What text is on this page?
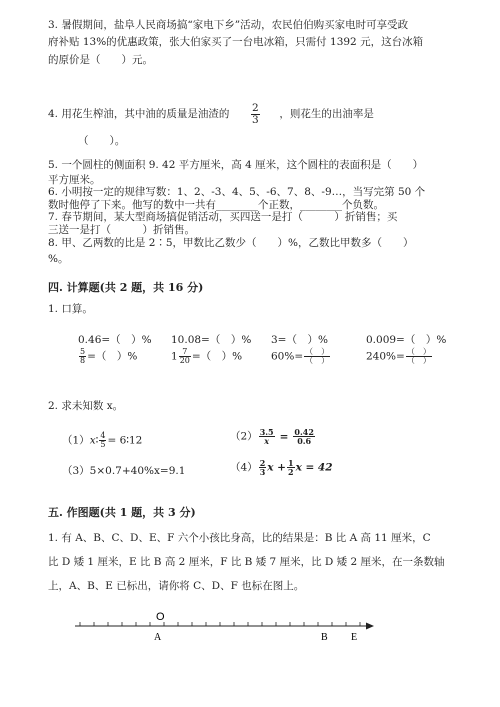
3. 暑假期间，盐阜人民商场搞“家电下乡”活动，农民伯伯购买家电时可享受政
府补贴 13%的优惠政策，张大伯家买了一台电冰箱，只需付 1392 元，这台冰箱
的原价是（　　）元。
4. 用花生榨油，其中油的质量是油渣的 $\frac{2}{3}$ ，则花生的出油率是
（　　）。
5. 一个圆柱的侧面积 9. 42 平方厘米，高 4 厘米，这个圆柱的表面积是（　　）
平方厘米。
6. 小明按一定的规律写数：1、2、-3、4、5、-6、7、8、-9…，当写完第 50 个
数时他停了下来。他写的数中一共有________个正数，________个负数。
7. 春节期间，某大型商场搞促销活动，买四送一是打（　　　）折销售；买
三送一是打（　　　）折销售。
8. 甲、乙两数的比是 2∶5，甲数比乙数少（　　）%，乙数比甲数多（　　）
%。
四. 计算题(共 2 题，共 16 分)
1. 口算。
0.46=（　）% 10.08=（　）% 3=（　）%	0.009=（　）%
$\frac{5}{8}$ =（　）%	$1 \frac{7}{20}$ =（　）%	$60\%= \frac{( )}{( )}$	$240\%= \frac{( )}{( )}$
2. 求未知数 x。
（1）x∶ $\frac{4}{5}$ = 6∶12	$(2) \frac{3.5}{x} = \frac{0.42}{0.6}$
（3）5×0.7+40%x=9.1	$(4) \frac{2}{3}$ $x + \frac{1}{2}$ x = 42
五. 作图题(共 1 题，共 3 分)
1. 有 A、B、C、D、E、F 六个小孩比身高，比的结果是：B 比 A 高 11 厘米，C
比 D 矮 1 厘米，E 比 B 高 2 厘米，F 比 B 矮 7 厘米，比 D 矮 2 厘米，在一条数轴
上，A、B、E 已标出，请你将 C、D、F 也标在图上。
O
A	B E
